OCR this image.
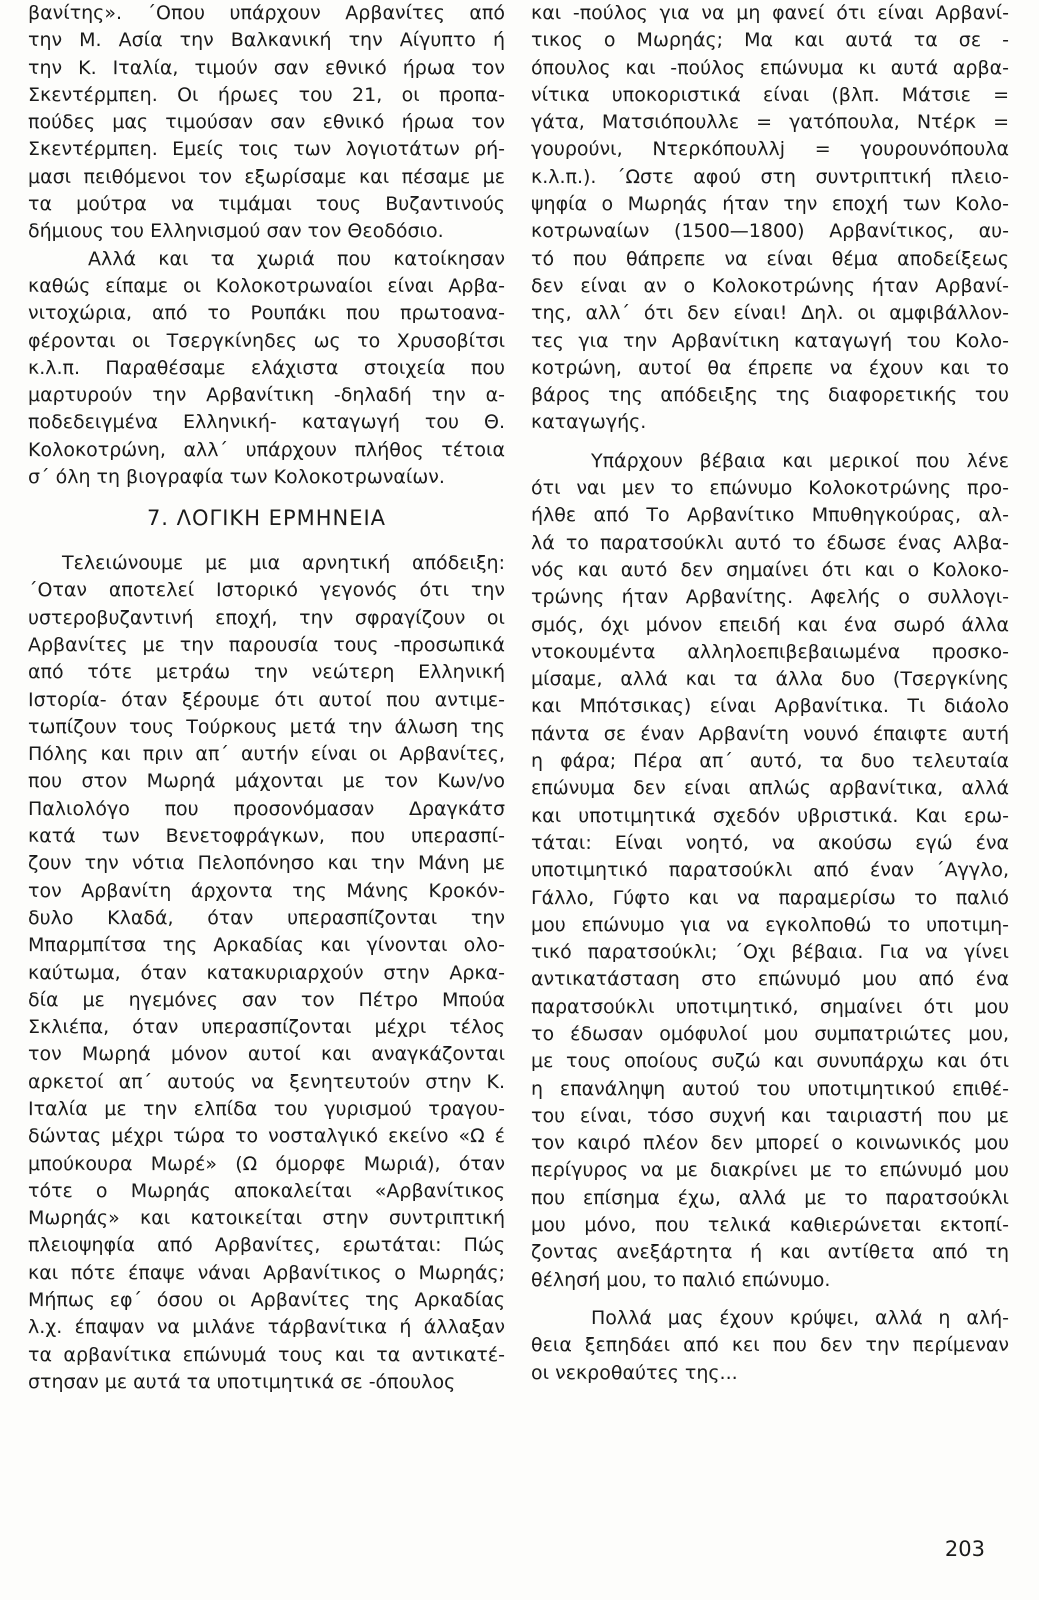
βανίτης». ΄Οπου υπάρχουν Αρβανίτες από
την Μ. Ασία την Βαλκανική την Αίγυπτο ή
την Κ. Ιταλία, τιμούν σαν εθνικό ήρωα τον
Σκεντέρμπεη. Οι ήρωες του 21, οι προπα-
πούδες μας τιμούσαν σαν εθνικό ήρωα τον
Σκεντέρμπεη. Εμείς τοις των λογιοτάτων ρή-
μασι πειθόμενοι τον εξωρίσαμε και πέσαμε με
τα μούτρα να τιμάμαι τους Βυζαντινούς
δήμιους του Ελληνισμού σαν τον Θεοδόσιο.
Αλλά και τα χωριά που κατοίκησαν
καθώς είπαμε οι Κολοκοτρωναίοι είναι Αρβα-
νιτοχώρια, από το Ρουπάκι που πρωτοανα-
φέρονται οι Τσεργκίνηδες ως το Χρυσοβίτσι
κ.λ.π. Παραθέσαμε ελάχιστα στοιχεία που
μαρτυρούν την Αρβανίτικη -δηλαδή την α-
ποδεδειγμένα Ελληνική- καταγωγή του Θ.
Κολοκοτρώνη, αλλ΄ υπάρχουν πλήθος τέτοια
σ΄ όλη τη βιογραφία των Κολοκοτρωναίων.
7. ΛΟΓΙΚΗ ΕΡΜΗΝΕΙΑ
Τελειώνουμε με μια αρνητική απόδειξη:
΄Οταν αποτελεί Ιστορικό γεγονός ότι την
υστεροβυζαντινή εποχή, την σφραγίζουν οι
Αρβανίτες με την παρουσία τους -προσωπικά
από τότε μετράω την νεώτερη Ελληνική
Ιστορία- όταν ξέρουμε ότι αυτοί που αντιμε-
τωπίζουν τους Τούρκους μετά την άλωση της
Πόλης και πριν απ΄ αυτήν είναι οι Αρβανίτες,
που στον Μωρηά μάχονται με τον Κων/νο
Παλιολόγο που προσονόμασαν Δραγκάτσ
κατά των Βενετοφράγκων, που υπερασπί-
ζουν την νότια Πελοπόνησο και την Μάνη με
τον Αρβανίτη άρχοντα της Μάνης Κροκόν-
δυλο Κλαδά, όταν υπερασπίζονται την
Μπαρμπίτσα της Αρκαδίας και γίνονται ολο-
καύτωμα, όταν κατακυριαρχούν στην Αρκα-
δία με ηγεμόνες σαν τον Πέτρο Μπούα
Σκλιέπα, όταν υπερασπίζονται μέχρι τέλος
τον Μωρηά μόνον αυτοί και αναγκάζονται
αρκετοί απ΄ αυτούς να ξενητευτούν στην Κ.
Ιταλία με την ελπίδα του γυρισμού τραγου-
δώντας μέχρι τώρα το νοσταλγικό εκείνο «Ω έ
μπούκουρα Μωρέ» (Ω όμορφε Μωριά), όταν
τότε ο Μωρηάς αποκαλείται «Αρβανίτικος
Μωρηάς» και κατοικείται στην συντριπτική
πλειοψηφία από Αρβανίτες, ερωτάται: Πώς
και πότε έπαψε νάναι Αρβανίτικος ο Μωρηάς;
Μήπως εφ΄ όσου οι Αρβανίτες της Αρκαδίας
λ.χ. έπαψαν να μιλάνε τάρβανίτικα ή άλλαξαν
τα αρβανίτικα επώνυμά τους και τα αντικατέ-
στησαν με αυτά τα υποτιμητικά σε -όπουλος
και -πούλος για να μη φανεί ότι είναι Αρβανί-
τικος ο Μωρηάς; Μα και αυτά τα σε -
όπουλος και -πούλος επώνυμα κι αυτά αρβα-
νίτικα υποκοριστικά είναι (βλπ. Μάτσιε =
γάτα, Ματσιόπουλλε = γατόπουλα, Ντέρκ =
γουρούνι, Ντερκόπουλλj = γουρουνόπουλα
κ.λ.π.). ΄Ωστε αφού στη συντριπτική πλειο-
ψηφία ο Μωρηάς ήταν την εποχή των Κολο-
κοτρωναίων (1500—1800) Αρβανίτικος, αυ-
τό που θάπρεπε να είναι θέμα αποδείξεως
δεν είναι αν ο Κολοκοτρώνης ήταν Αρβανί-
της, αλλ΄ ότι δεν είναι! Δηλ. οι αμφιβάλλον-
τες για την Αρβανίτικη καταγωγή του Κολο-
κοτρώνη, αυτοί θα έπρεπε να έχουν και το
βάρος της απόδειξης της διαφορετικής του
καταγωγής.
Υπάρχουν βέβαια και μερικοί που λένε
ότι ναι μεν το επώνυμο Κολοκοτρώνης προ-
ήλθε από Το Αρβανίτικο Μπυθηγκούρας, αλ-
λά το παρατσούκλι αυτό το έδωσε ένας Αλβα-
νός και αυτό δεν σημαίνει ότι και ο Κολοκο-
τρώνης ήταν Αρβανίτης. Αφελής ο συλλογι-
σμός, όχι μόνον επειδή και ένα σωρό άλλα
ντοκουμέντα αλληλοεπιβεβαιωμένα προσκο-
μίσαμε, αλλά και τα άλλα δυο (Τσεργκίνης
και Μπότσικας) είναι Αρβανίτικα. Τι διάολο
πάντα σε έναν Αρβανίτη νουνό έπαιφτε αυτή
η φάρα; Πέρα απ΄ αυτό, τα δυο τελευταία
επώνυμα δεν είναι απλώς αρβανίτικα, αλλά
και υποτιμητικά σχεδόν υβριστικά. Και ερω-
τάται: Είναι νοητό, να ακούσω εγώ ένα
υποτιμητικό παρατσούκλι από έναν ΄Αγγλο,
Γάλλο, Γύφτο και να παραμερίσω το παλιό
μου επώνυμο για να εγκολποθώ το υποτιμη-
τικό παρατσούκλι; ΄Οχι βέβαια. Για να γίνει
αντικατάσταση στο επώνυμό μου από ένα
παρατσούκλι υποτιμητικό, σημαίνει ότι μου
το έδωσαν ομόφυλοί μου συμπατριώτες μου,
με τους οποίους συζώ και συνυπάρχω και ότι
η επανάληψη αυτού του υποτιμητικού επιθέ-
του είναι, τόσο συχνή και ταιριαστή που με
τον καιρό πλέον δεν μπορεί ο κοινωνικός μου
περίγυρος να με διακρίνει με το επώνυμό μου
που επίσημα έχω, αλλά με το παρατσούκλι
μου μόνο, που τελικά καθιερώνεται εκτοπί-
ζοντας ανεξάρτητα ή και αντίθετα από τη
θέλησή μου, το παλιό επώνυμο.
Πολλά μας έχουν κρύψει, αλλά η αλή-
θεια ξεπηδάει από κει που δεν την περίμεναν
οι νεκροθαύτες της...
203
